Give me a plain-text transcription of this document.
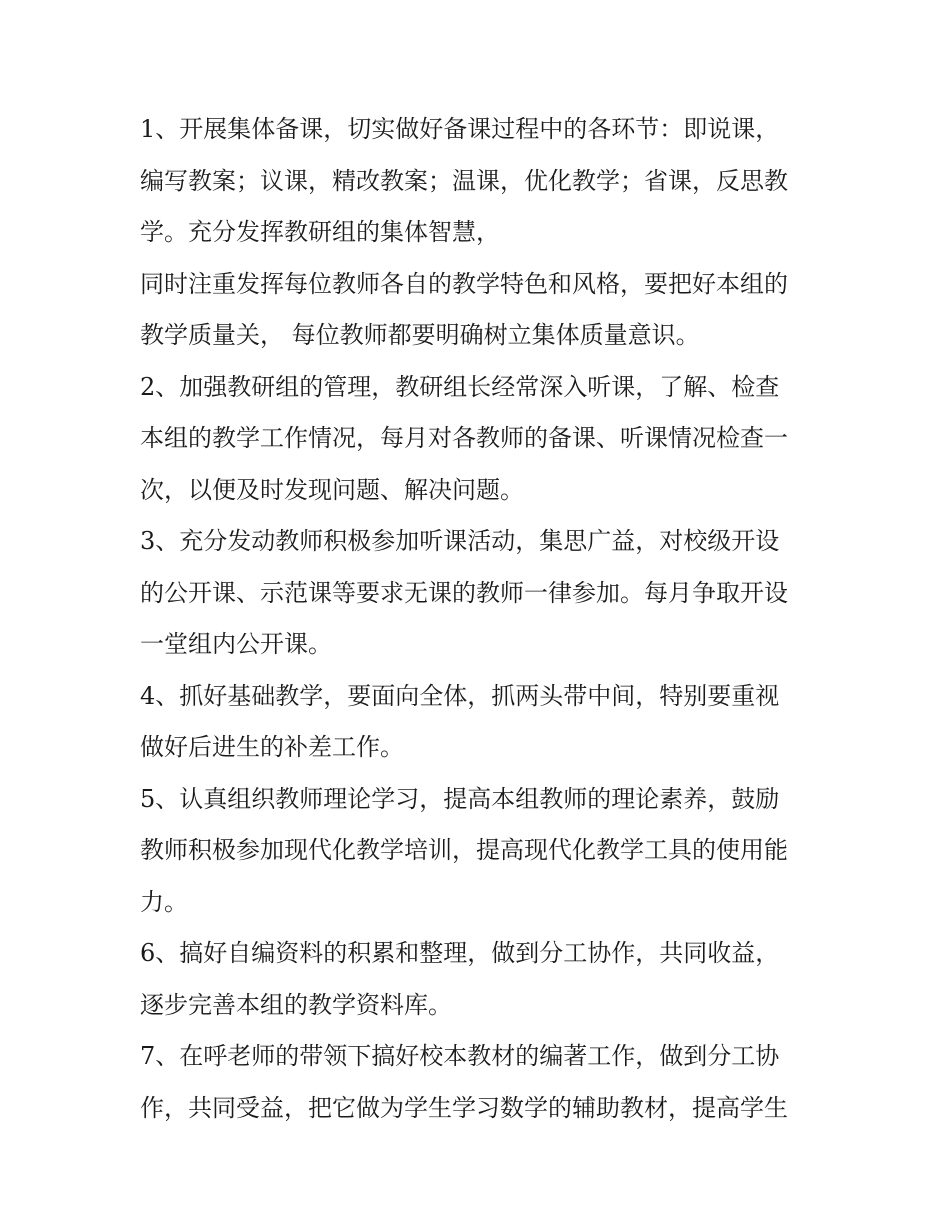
1、开展集体备课，切实做好备课过程中的各环节：即说课，
编写教案；议课，精改教案；温课，优化教学；省课，反思教
学。充分发挥教研组的集体智慧，
同时注重发挥每位教师各自的教学特色和风格，要把好本组的
教学质量关， 每位教师都要明确树立集体质量意识。
2、加强教研组的管理，教研组长经常深入听课，了解、检查
本组的教学工作情况，每月对各教师的备课、听课情况检查一
次，以便及时发现问题、解决问题。
3、充分发动教师积极参加听课活动，集思广益，对校级开设
的公开课、示范课等要求无课的教师一律参加。每月争取开设
一堂组内公开课。
4、抓好基础教学，要面向全体，抓两头带中间，特别要重视
做好后进生的补差工作。
5、认真组织教师理论学习，提高本组教师的理论素养，鼓励
教师积极参加现代化教学培训，提高现代化教学工具的使用能
力。
6、搞好自编资料的积累和整理，做到分工协作，共同收益，
逐步完善本组的教学资料库。
7、在呼老师的带领下搞好校本教材的编著工作，做到分工协
作，共同受益，把它做为学生学习数学的辅助教材，提高学生
